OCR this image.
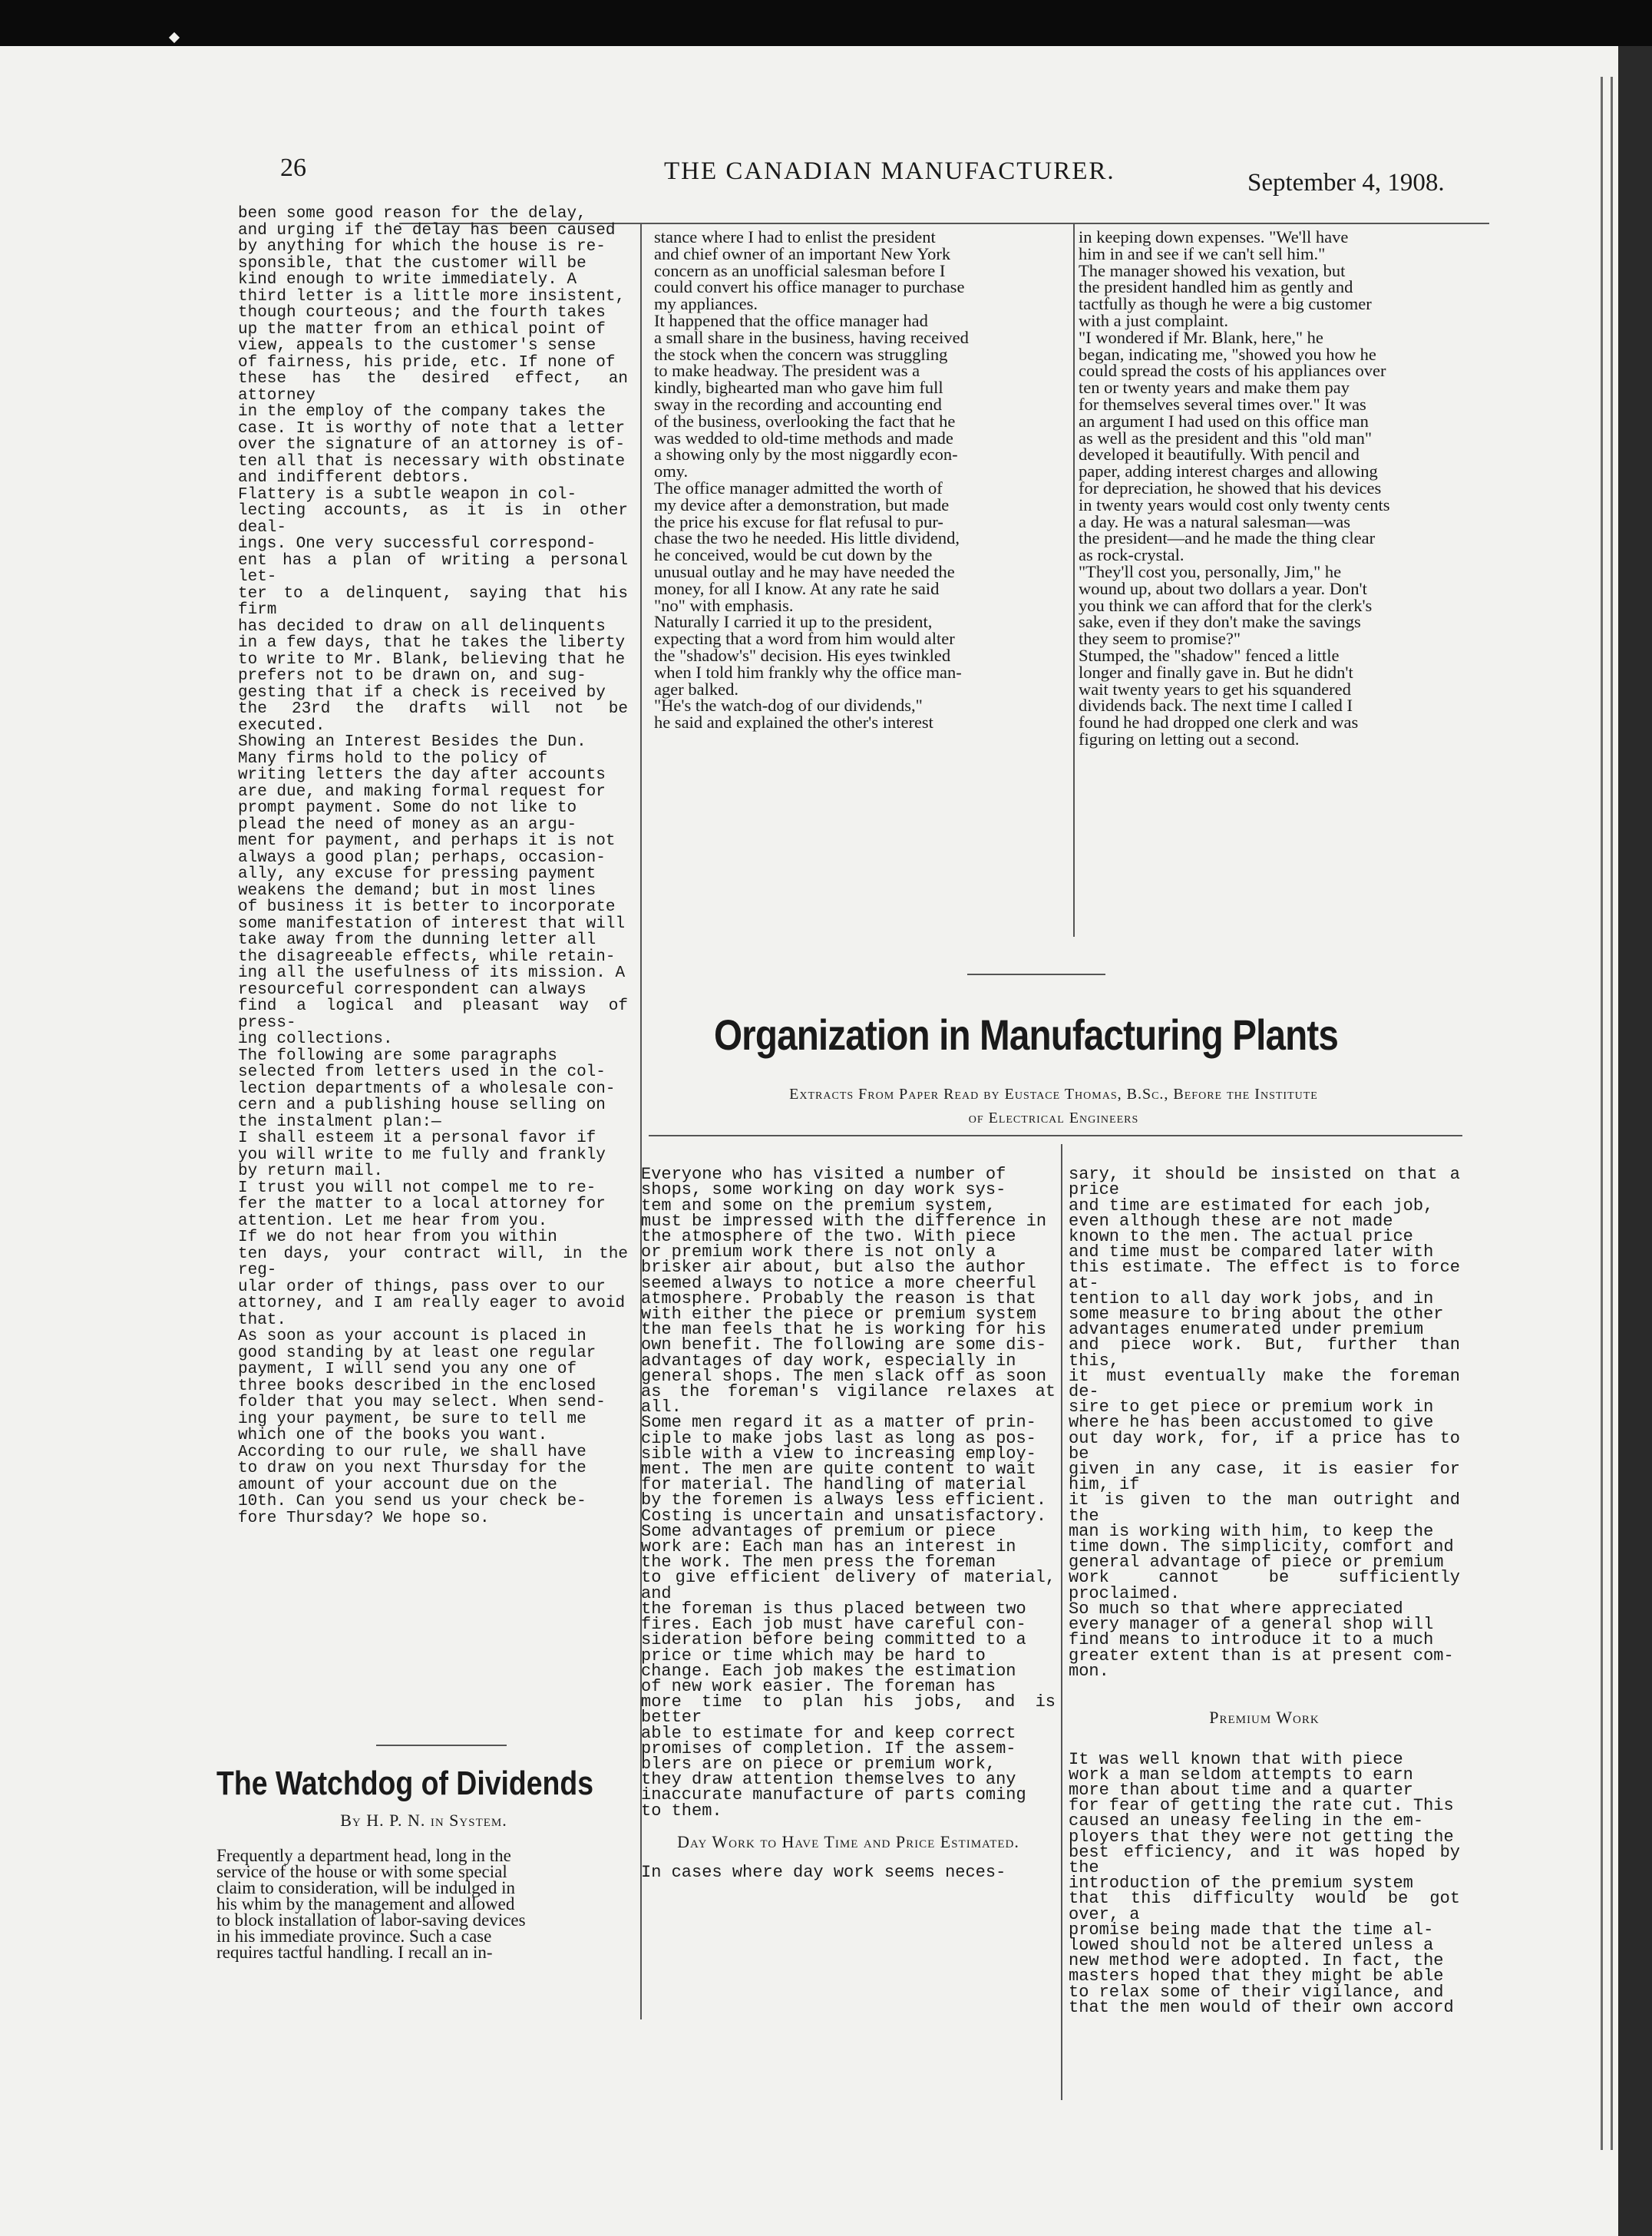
26	THE CANADIAN MANUFACTURER.	September 4, 1908.
been some good reason for the delay,
and urging if the delay has been caused
by anything for which the house is re-
sponsible, that the customer will be
kind enough to write immediately. A
third letter is a little more insistent,
though courteous; and the fourth takes
up the matter from an ethical point of
view, appeals to the customer's sense
of fairness, his pride, etc. If none of
these has the desired effect, an attorney
in the employ of the company takes the
case. It is worthy of note that a letter
over the signature of an attorney is of-
ten all that is necessary with obstinate
and indifferent debtors.
Flattery is a subtle weapon in col-
lecting accounts, as it is in other deal-
ings. One very successful correspond-
ent has a plan of writing a personal let-
ter to a delinquent, saying that his firm
has decided to draw on all delinquents
in a few days, that he takes the liberty
to write to Mr. Blank, believing that he
prefers not to be drawn on, and sug-
gesting that if a check is received by
the 23rd the drafts will not be executed.
Showing an Interest Besides the Dun.
Many firms hold to the policy of
writing letters the day after accounts
are due, and making formal request for
prompt payment. Some do not like to
plead the need of money as an argu-
ment for payment, and perhaps it is not
always a good plan; perhaps, occasion-
ally, any excuse for pressing payment
weakens the demand; but in most lines
of business it is better to incorporate
some manifestation of interest that will
take away from the dunning letter all
the disagreeable effects, while retain-
ing all the usefulness of its mission. A
resourceful correspondent can always
find a logical and pleasant way of press-
ing collections.
The following are some paragraphs
selected from letters used in the col-
lection departments of a wholesale con-
cern and a publishing house selling on
the instalment plan:—
I shall esteem it a personal favor if
you will write to me fully and frankly
by return mail.
I trust you will not compel me to re-
fer the matter to a local attorney for
attention. Let me hear from you.
If we do not hear from you within
ten days, your contract will, in the reg-
ular order of things, pass over to our
attorney, and I am really eager to avoid
that.
As soon as your account is placed in
good standing by at least one regular
payment, I will send you any one of
three books described in the enclosed
folder that you may select. When send-
ing your payment, be sure to tell me
which one of the books you want.
According to our rule, we shall have
to draw on you next Thursday for the
amount of your account due on the
10th. Can you send us your check be-
fore Thursday? We hope so.
stance where I had to enlist the president
and chief owner of an important New York
concern as an unofficial salesman before I
could convert his office manager to purchase
my appliances.
It happened that the office manager had
a small share in the business, having received
the stock when the concern was struggling
to make headway. The president was a
kindly, bighearted man who gave him full
sway in the recording and accounting end
of the business, overlooking the fact that he
was wedded to old-time methods and made
a showing only by the most niggardly econ-
omy.
The office manager admitted the worth of
my device after a demonstration, but made
the price his excuse for flat refusal to pur-
chase the two he needed. His little dividend,
he conceived, would be cut down by the
unusual outlay and he may have needed the
money, for all I know. At any rate he said
"no" with emphasis.
Naturally I carried it up to the president,
expecting that a word from him would alter
the "shadow's" decision. His eyes twinkled
when I told him frankly why the office man-
ager balked.
"He's the watch-dog of our dividends,"
he said and explained the other's interest
in keeping down expenses. "We'll have
him in and see if we can't sell him."
The manager showed his vexation, but
the president handled him as gently and
tactfully as though he were a big customer
with a just complaint.
"I wondered if Mr. Blank, here," he
began, indicating me, "showed you how he
could spread the costs of his appliances over
ten or twenty years and make them pay
for themselves several times over." It was
an argument I had used on this office man
as well as the president and this "old man"
developed it beautifully. With pencil and
paper, adding interest charges and allowing
for depreciation, he showed that his devices
in twenty years would cost only twenty cents
a day. He was a natural salesman—was
the president—and he made the thing clear
as rock-crystal.
"They'll cost you, personally, Jim," he
wound up, about two dollars a year. Don't
you think we can afford that for the clerk's
sake, even if they don't make the savings
they seem to promise?"
Stumped, the "shadow" fenced a little
longer and finally gave in. But he didn't
wait twenty years to get his squandered
dividends back. The next time I called I
found he had dropped one clerk and was
figuring on letting out a second.
Organization in Manufacturing Plants
Extracts From Paper Read by Eustace Thomas, B.Sc., Before the Institute
of Electrical Engineers

Everyone who has visited a number of
shops, some working on day work sys-
tem and some on the premium system,
must be impressed with the difference in
the atmosphere of the two. With piece
or premium work there is not only a
brisker air about, but also the author
seemed always to notice a more cheerful
atmosphere. Probably the reason is that
with either the piece or premium system
the man feels that he is working for his
own benefit. The following are some dis-
advantages of day work, especially in
general shops. The men slack off as soon
as the foreman's vigilance relaxes at all.
Some men regard it as a matter of prin-
ciple to make jobs last as long as pos-
sible with a view to increasing employ-
ment. The men are quite content to wait
for material. The handling of material
by the foremen is always less efficient.
Costing is uncertain and unsatisfactory.
Some advantages of premium or piece
work are: Each man has an interest in
the work. The men press the foreman
to give efficient delivery of material, and
the foreman is thus placed between two
fires. Each job must have careful con-
sideration before being committed to a
price or time which may be hard to
change. Each job makes the estimation
of new work easier. The foreman has
more time to plan his jobs, and is better
able to estimate for and keep correct
promises of completion. If the assem-
blers are on piece or premium work,
they draw attention themselves to any
inaccurate manufacture of parts coming
to them.

Day Work to Have Time and Price Estimated.

In cases where day work seems neces-

sary, it should be insisted on that a price
and time are estimated for each job,
even although these are not made
known to the men. The actual price
and time must be compared later with
this estimate. The effect is to force at-
tention to all day work jobs, and in
some measure to bring about the other
advantages enumerated under premium
and piece work. But, further than this,
it must eventually make the foreman de-
sire to get piece or premium work in
where he has been accustomed to give
out day work, for, if a price has to be
given in any case, it is easier for him, if
it is given to the man outright and the
man is working with him, to keep the
time down. The simplicity, comfort and
general advantage of piece or premium
work cannot be sufficiently proclaimed.
So much so that where appreciated
every manager of a general shop will
find means to introduce it to a much
greater extent than is at present com-
mon.

Premium Work

It was well known that with piece
work a man seldom attempts to earn
more than about time and a quarter
for fear of getting the rate cut. This
caused an uneasy feeling in the em-
ployers that they were not getting the
best efficiency, and it was hoped by the
introduction of the premium system
that this difficulty would be got over, a
promise being made that the time al-
lowed should not be altered unless a
new method were adopted. In fact, the
masters hoped that they might be able
to relax some of their vigilance, and
that the men would of their own accord

The Watchdog of Dividends
By H. P. N. in System.
Frequently a department head, long in the
service of the house or with some special
claim to consideration, will be indulged in
his whim by the management and allowed
to block installation of labor-saving devices
in his immediate province. Such a case
requires tactful handling. I recall an in-
